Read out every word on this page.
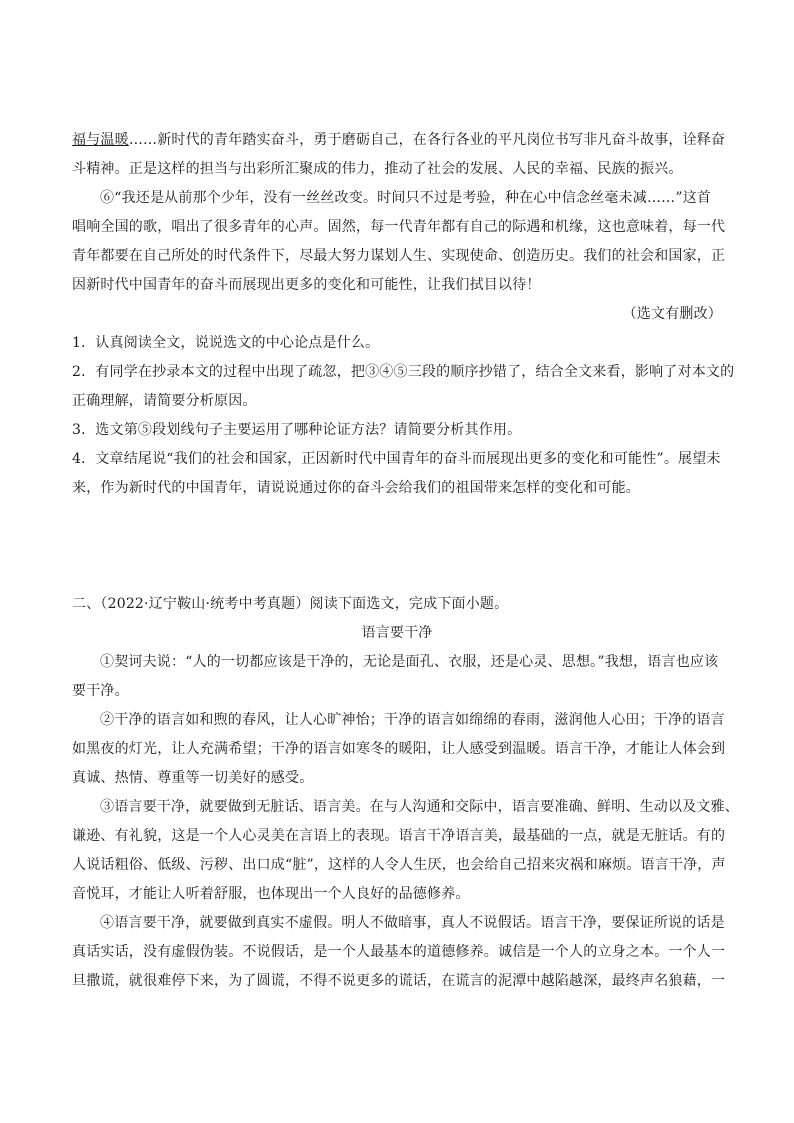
福与温暖……新时代的青年踏实奋斗，勇于磨砺自己，在各行各业的平凡岗位书写非凡奋斗故事，诠释奋
斗精神。正是这样的担当与出彩所汇聚成的伟力，推动了社会的发展、人民的幸福、民族的振兴。
⑥“我还是从前那个少年，没有一丝丝改变。时间只不过是考验，种在心中信念丝毫未减……”这首
唱响全国的歌，唱出了很多青年的心声。固然，每一代青年都有自己的际遇和机缘，这也意味着，每一代
青年都要在自己所处的时代条件下，尽最大努力谋划人生、实现使命、创造历史。我们的社会和国家，正
因新时代中国青年的奋斗而展现出更多的变化和可能性，让我们拭目以待！
（选文有删改）
1．认真阅读全文，说说选文的中心论点是什么。
2．有同学在抄录本文的过程中出现了疏忽，把③④⑤三段的顺序抄错了，结合全文来看，影响了对本文的
正确理解，请简要分析原因。
3．选文第⑤段划线句子主要运用了哪种论证方法？请简要分析其作用。
4．文章结尾说“我们的社会和国家，正因新时代中国青年的奋斗而展现出更多的变化和可能性”。展望未
来，作为新时代的中国青年，请说说通过你的奋斗会给我们的祖国带来怎样的变化和可能。
二、（2022·辽宁鞍山·统考中考真题）阅读下面选文，完成下面小题。
语言要干净
①契诃夫说：“人的一切都应该是干净的，无论是面孔、衣服，还是心灵、思想。”我想，语言也应该
要干净。
②干净的语言如和煦的春风，让人心旷神怡；干净的语言如绵绵的春雨，滋润他人心田；干净的语言
如黑夜的灯光，让人充满希望；干净的语言如寒冬的暖阳，让人感受到温暖。语言干净，才能让人体会到
真诚、热情、尊重等一切美好的感受。
③语言要干净，就要做到无脏话、语言美。在与人沟通和交际中，语言要准确、鲜明、生动以及文雅、
谦逊、有礼貌，这是一个人心灵美在言语上的表现。语言干净语言美，最基础的一点，就是无脏话。有的
人说话粗俗、低级、污秽、出口成“脏”，这样的人令人生厌，也会给自己招来灾祸和麻烦。语言干净，声
音悦耳，才能让人听着舒服，也体现出一个人良好的品德修养。
④语言要干净，就要做到真实不虚假。明人不做暗事，真人不说假话。语言干净，要保证所说的话是
真话实话，没有虚假伪装。不说假话，是一个人最基本的道德修养。诚信是一个人的立身之本。一个人一
旦撒谎，就很难停下来，为了圆谎，不得不说更多的谎话，在谎言的泥潭中越陷越深，最终声名狼藉，一
